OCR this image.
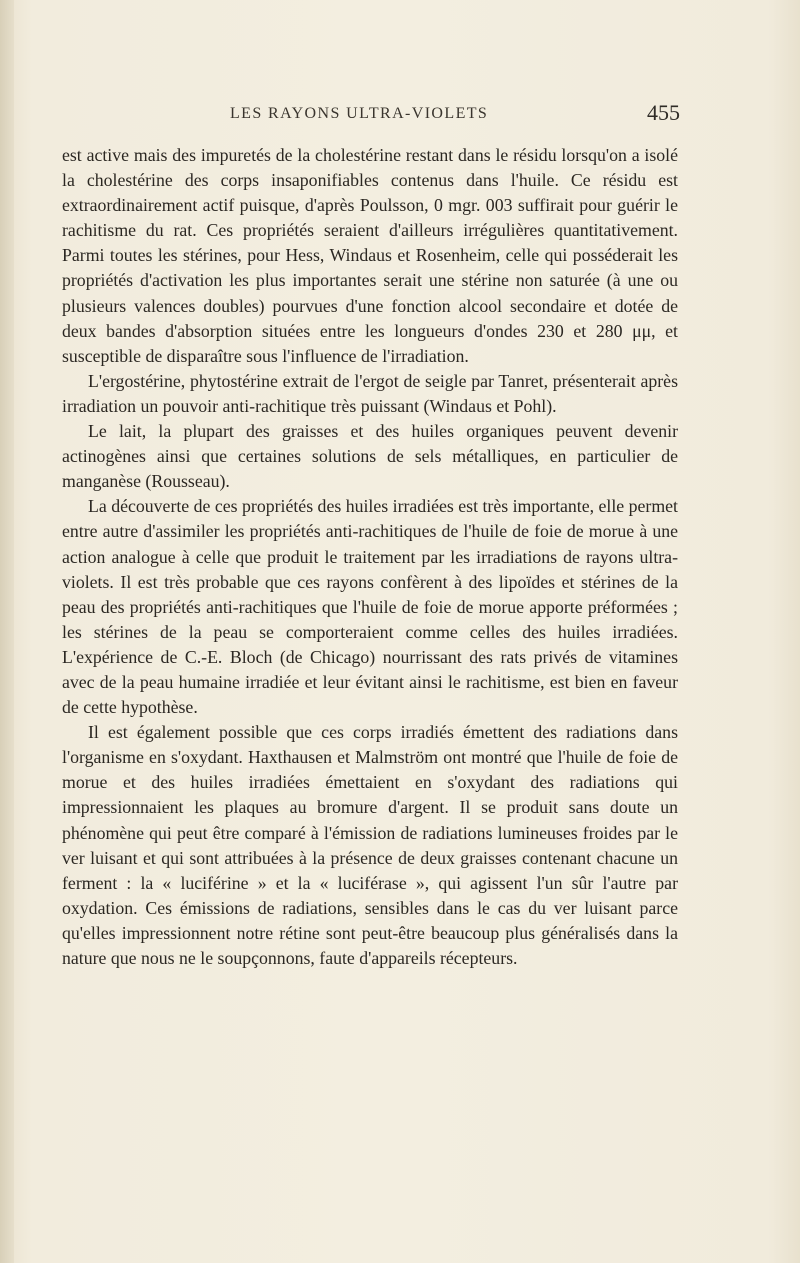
LES RAYONS ULTRA-VIOLETS	455

est active mais des impuretés de la cholestérine restant dans le résidu lorsqu'on a isolé la cholestérine des corps insaponifiables contenus dans l'huile. Ce résidu est extraordinairement actif puisque, d'après Poulsson, 0 mgr. 003 suffirait pour guérir le rachitisme du rat. Ces propriétés seraient d'ailleurs irrégulières quantitativement. Parmi toutes les stérines, pour Hess, Windaus et Rosenheim, celle qui posséderait les propriétés d'activation les plus importantes serait une stérine non saturée (à une ou plusieurs valences doubles) pourvues d'une fonction alcool secondaire et dotée de deux bandes d'absorption situées entre les longueurs d'ondes 230 et 280 μμ, et susceptible de disparaître sous l'influence de l'irradiation.

L'ergostérine, phytostérine extrait de l'ergot de seigle par Tanret, présenterait après irradiation un pouvoir anti-rachitique très puissant (Windaus et Pohl).

Le lait, la plupart des graisses et des huiles organiques peuvent devenir actinogènes ainsi que certaines solutions de sels métalliques, en particulier de manganèse (Rousseau).

La découverte de ces propriétés des huiles irradiées est très importante, elle permet entre autre d'assimiler les propriétés anti-rachitiques de l'huile de foie de morue à une action analogue à celle que produit le traitement par les irradiations de rayons ultra-violets. Il est très probable que ces rayons confèrent à des lipoïdes et stérines de la peau des propriétés anti-rachitiques que l'huile de foie de morue apporte préformées ; les stérines de la peau se comporteraient comme celles des huiles irradiées. L'expérience de C.-E. Bloch (de Chicago) nourrissant des rats privés de vitamines avec de la peau humaine irradiée et leur évitant ainsi le rachitisme, est bien en faveur de cette hypothèse.

Il est également possible que ces corps irradiés émettent des radiations dans l'organisme en s'oxydant. Haxthausen et Malmström ont montré que l'huile de foie de morue et des huiles irradiées émettaient en s'oxydant des radiations qui impressionnaient les plaques au bromure d'argent. Il se produit sans doute un phénomène qui peut être comparé à l'émission de radiations lumineuses froides par le ver luisant et qui sont attribuées à la présence de deux graisses contenant chacune un ferment : la « luciférine » et la « luciférase », qui agissent l'un sûr l'autre par oxydation. Ces émissions de radiations, sensibles dans le cas du ver luisant parce qu'elles impressionnent notre rétine sont peut-être beaucoup plus généralisés dans la nature que nous ne le soupçonnons, faute d'appareils récepteurs.
